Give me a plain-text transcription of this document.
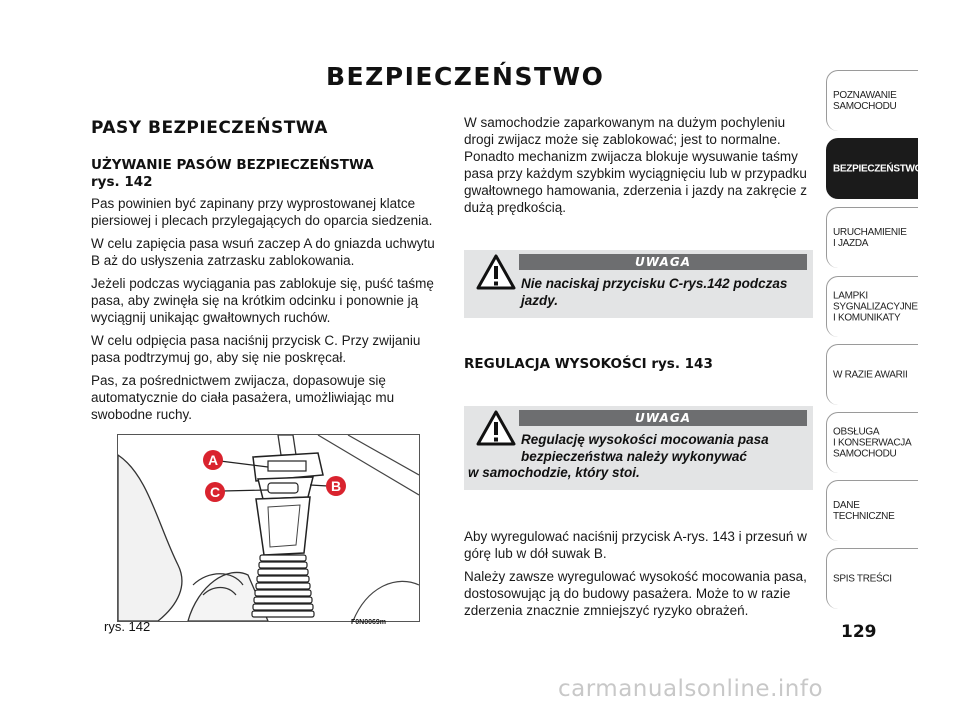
BEZPIECZEŃSTWO
PASY BEZPIECZEŃSTWA
UŻYWANIE PASÓW BEZPIECZEŃSTWA
rys. 142

Pas powinien być zapinany przy wyprostowanej klatce piersiowej i plecach przylegających do oparcia siedzenia.

W celu zapięcia pasa wsuń zaczep A do gniazda uchwytu B aż do usłyszenia zatrzasku zablokowania.

Jeżeli podczas wyciągania pas zablokuje się, puść taśmę pasa, aby zwinęła się na krótkim odcinku i ponownie ją wyciągnij unikając gwałtownych ruchów.

W celu odpięcia pasa naciśnij przycisk C. Przy zwijaniu pasa podtrzymuj go, aby się nie poskręcał.

Pas, za pośrednictwem zwijacza, dopasowuje się automatycznie do ciała pasażera, umożliwiając mu swobodne ruchy.

A
B
C
rys. 142	F0N0069m

W samochodzie zaparkowanym na dużym pochyleniu drogi zwijacz może się zablokować; jest to normalne. Ponadto mechanizm zwijacza blokuje wysuwanie taśmy pasa przy każdym szybkim wyciągnięciu lub w przypadku gwałtownego hamowania, zderzenia i jazdy na zakręcie z dużą prędkością.

UWAGA
Nie naciskaj przycisku C-rys.142 podczas jazdy.
REGULACJA WYSOKOŚCI rys. 143
UWAGA
Regulację wysokości mocowania pasa bezpieczeństwa należy wykonywać
w samochodzie, który stoi.

Aby wyregulować naciśnij przycisk A-rys. 143 i przesuń w górę lub w dół suwak B.

Należy zawsze wyregulować wysokość mocowania pasa, dostosowując ją do budowy pasażera. Może to w razie zderzenia znacznie zmniejszyć ryzyko obrażeń.

POZNAWANIE
SAMOCHODU
BEZPIECZEŃSTWO
URUCHAMIENIE
I JAZDA
LAMPKI
SYGNALIZACYJNE
I KOMUNIKATY
W RAZIE AWARII
OBSŁUGA
I KONSERWACJA
SAMOCHODU
DANE TECHNICZNE
SPIS TREŚCI
129
carmanualsonline.info
